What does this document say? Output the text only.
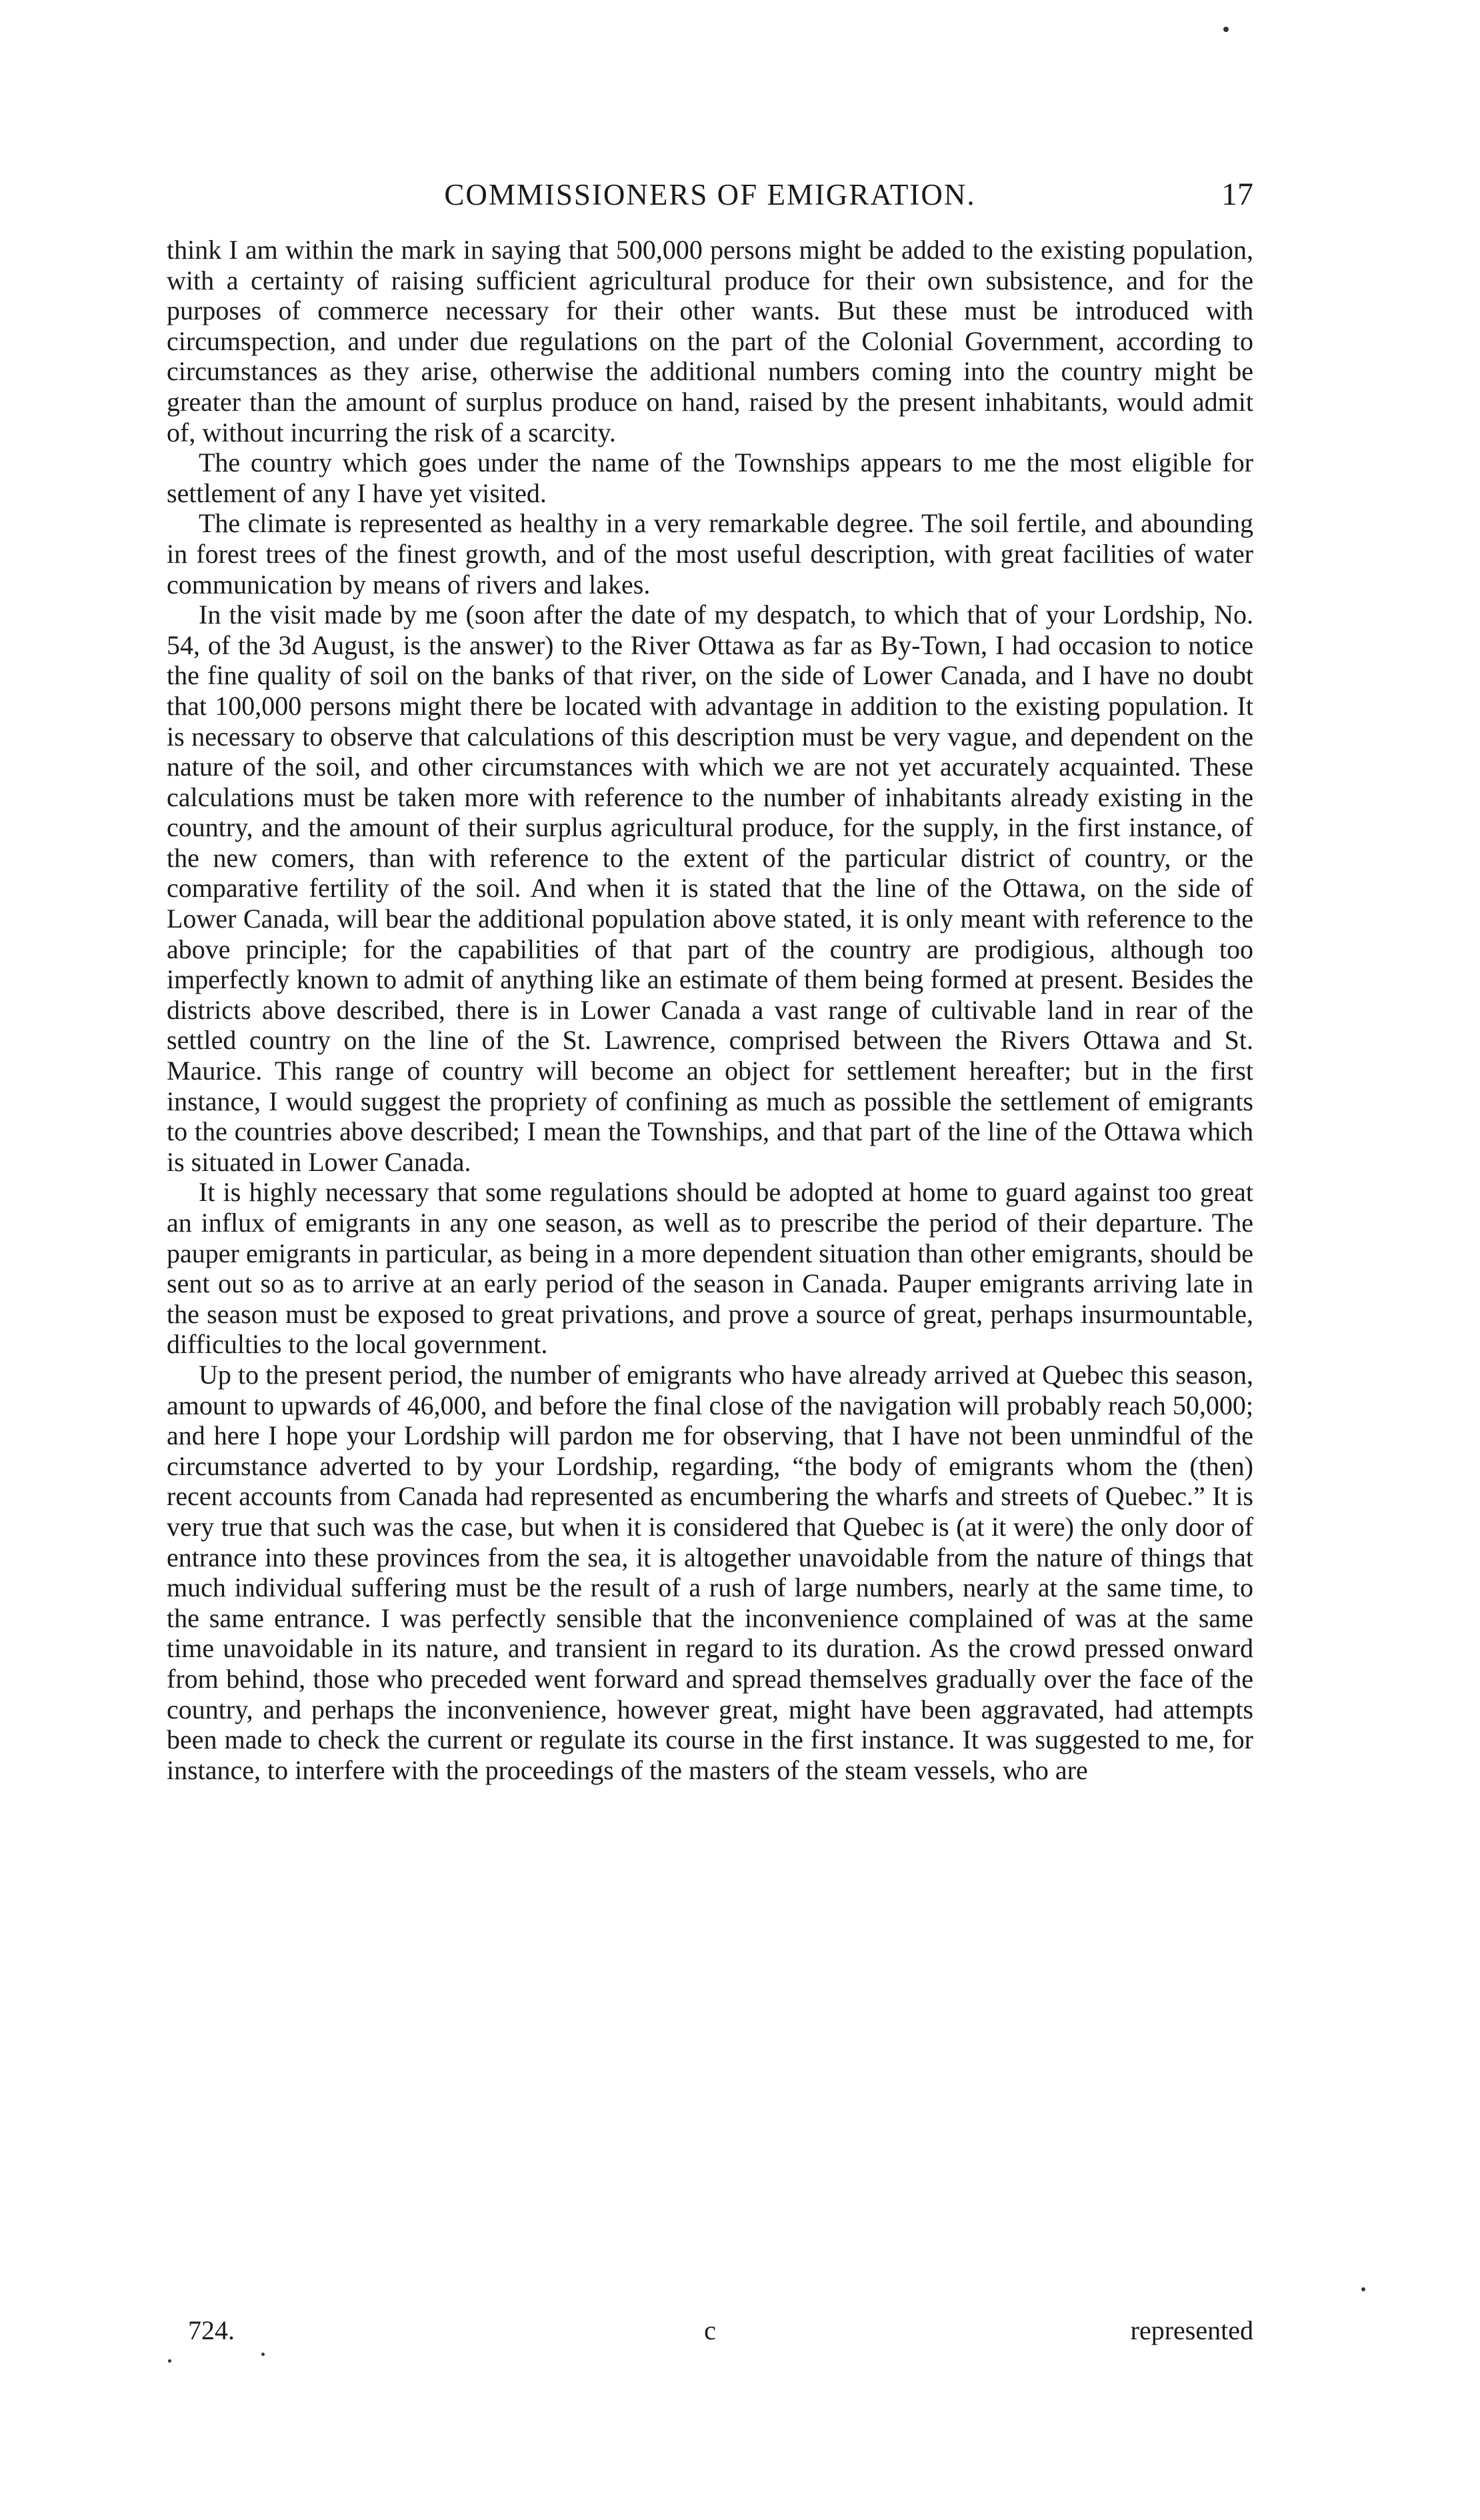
COMMISSIONERS OF EMIGRATION.	17

think I am within the mark in saying that 500,000 persons might be added to the existing population, with a certainty of raising sufficient agricultural produce for their own subsistence, and for the purposes of commerce necessary for their other wants. But these must be introduced with circumspection, and under due regulations on the part of the Colonial Government, according to circumstances as they arise, otherwise the additional numbers coming into the country might be greater than the amount of surplus produce on hand, raised by the present inhabitants, would admit of, without incurring the risk of a scarcity.

The country which goes under the name of the Townships appears to me the most eligible for settlement of any I have yet visited.

The climate is represented as healthy in a very remarkable degree. The soil fertile, and abounding in forest trees of the finest growth, and of the most useful description, with great facilities of water communication by means of rivers and lakes.

In the visit made by me (soon after the date of my despatch, to which that of your Lordship, No. 54, of the 3d August, is the answer) to the River Ottawa as far as By-Town, I had occasion to notice the fine quality of soil on the banks of that river, on the side of Lower Canada, and I have no doubt that 100,000 persons might there be located with advantage in addition to the existing population. It is necessary to observe that calculations of this description must be very vague, and dependent on the nature of the soil, and other circumstances with which we are not yet accurately acquainted. These calculations must be taken more with reference to the number of inhabitants already existing in the country, and the amount of their surplus agricultural produce, for the supply, in the first instance, of the new comers, than with reference to the extent of the particular district of country, or the comparative fertility of the soil. And when it is stated that the line of the Ottawa, on the side of Lower Canada, will bear the additional population above stated, it is only meant with reference to the above principle; for the capabilities of that part of the country are prodigious, although too imperfectly known to admit of anything like an estimate of them being formed at present. Besides the districts above described, there is in Lower Canada a vast range of cultivable land in rear of the settled country on the line of the St. Lawrence, comprised between the Rivers Ottawa and St. Maurice. This range of country will become an object for settlement hereafter; but in the first instance, I would suggest the propriety of confining as much as possible the settlement of emigrants to the countries above described; I mean the Townships, and that part of the line of the Ottawa which is situated in Lower Canada.

It is highly necessary that some regulations should be adopted at home to guard against too great an influx of emigrants in any one season, as well as to prescribe the period of their departure. The pauper emigrants in particular, as being in a more dependent situation than other emigrants, should be sent out so as to arrive at an early period of the season in Canada. Pauper emigrants arriving late in the season must be exposed to great privations, and prove a source of great, perhaps insurmountable, difficulties to the local government.

Up to the present period, the number of emigrants who have already arrived at Quebec this season, amount to upwards of 46,000, and before the final close of the navigation will probably reach 50,000; and here I hope your Lordship will pardon me for observing, that I have not been unmindful of the circumstance adverted to by your Lordship, regarding, “the body of emigrants whom the (then) recent accounts from Canada had represented as encumbering the wharfs and streets of Quebec.” It is very true that such was the case, but when it is considered that Quebec is (at it were) the only door of entrance into these provinces from the sea, it is altogether unavoidable from the nature of things that much individual suffering must be the result of a rush of large numbers, nearly at the same time, to the same entrance. I was perfectly sensible that the inconvenience complained of was at the same time unavoidable in its nature, and transient in regard to its duration. As the crowd pressed onward from behind, those who preceded went forward and spread themselves gradually over the face of the country, and perhaps the inconvenience, however great, might have been aggravated, had attempts been made to check the current or regulate its course in the first instance. It was suggested to me, for instance, to interfere with the proceedings of the masters of the steam vessels, who are

724.	c	represented
